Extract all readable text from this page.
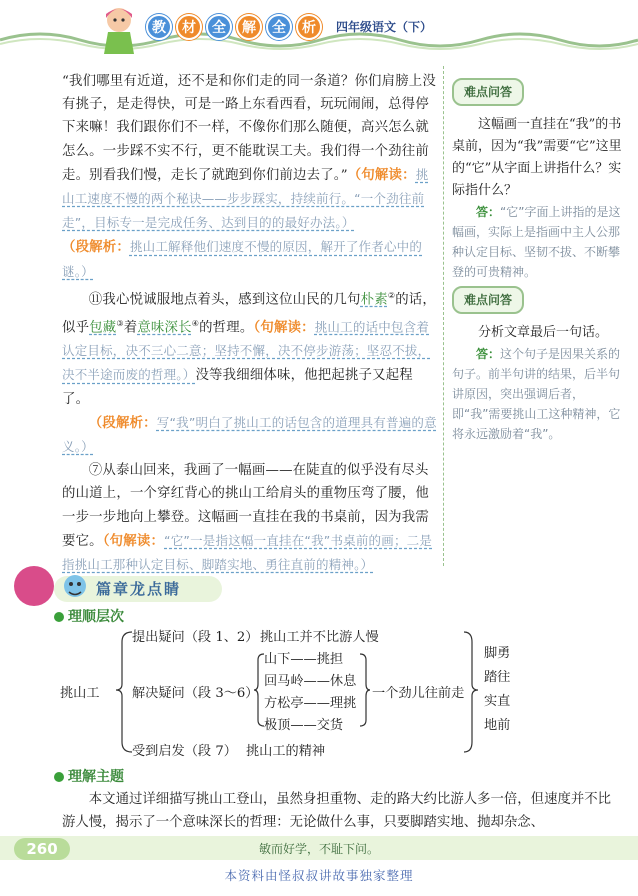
教	材	全	解	全	析	四年级语文（下）

“我们哪里有近道，还不是和你们走的同一条道？你们肩膀上没有挑子，是走得快，可是一路上东看西看，玩玩闹闹，总得停下来嘛！我们跟你们不一样，不像你们那么随便，高兴怎么就怎么。一步踩不实不行，更不能耽误工夫。我们得一个劲往前走。别看我们慢，走长了就跑到你们前边去了。”（句解读：挑山工速度不慢的两个秘诀——步步踩实，持续前行。“一个劲往前走”，目标专一是完成任务、达到目的的最好办法。）

（段解析：挑山工解释他们速度不慢的原因，解开了作者心中的谜。）

⑪我心悦诚服地点着头，感到这位山民的几句朴素②的话，似乎包藏③着意味深长④的哲理。（句解读：挑山工的话中包含着认定目标，决不三心二意；坚持不懈，决不停步游荡；坚忍不拔，决不半途而废的哲理。）没等我细细体味，他把起挑子又起程了。

（段解析：写“我”明白了挑山工的话包含的道理具有普遍的意义。）

⑦从泰山回来，我画了一幅画——在陡直的似乎没有尽头的山道上，一个穿红背心的挑山工给肩头的重物压弯了腰，他一步一步地向上攀登。这幅画一直挂在我的书桌前，因为我需要它。（句解读：“它”一是指这幅一直挂在“我”书桌前的画；二是指挑山工那种认定目标、脚踏实地、勇往直前的精神。）

难点问答

这幅画一直挂在“我”的书桌前，因为“我”需要“它”这里的“它”从字面上讲指什么？实际指什么？

答：“它”字面上讲指的是这幅画，实际上是指画中主人公那种认定目标、坚韧不拔、不断攀登的可贵精神。

难点问答

分析文章最后一句话。

答：这个句子是因果关系的句子。前半句讲的结果，后半句讲原因，突出强调后者，即“我”需要挑山工这种精神，它将永远激励着“我”。

篇章龙点睛
理顺层次
挑山工
提出疑问（段 1、2） 挑山工并不比游人慢
解决疑问（段 3～6）
山下——挑担
回马岭——休息
方松亭——理挑
极顶——交货
一个劲儿往前走
受到启发（段 7） 挑山工的精神
脚勇
踏往
实直
地前
理解主题

本文通过详细描写挑山工登山，虽然身担重物、走的路大约比游人多一倍，但速度并不比游人慢，揭示了一个意味深长的哲理：无论做什么事，只要脚踏实地、抛却杂念、

260	敏而好学，不耻下问。
本资料由怪叔叔讲故事独家整理
